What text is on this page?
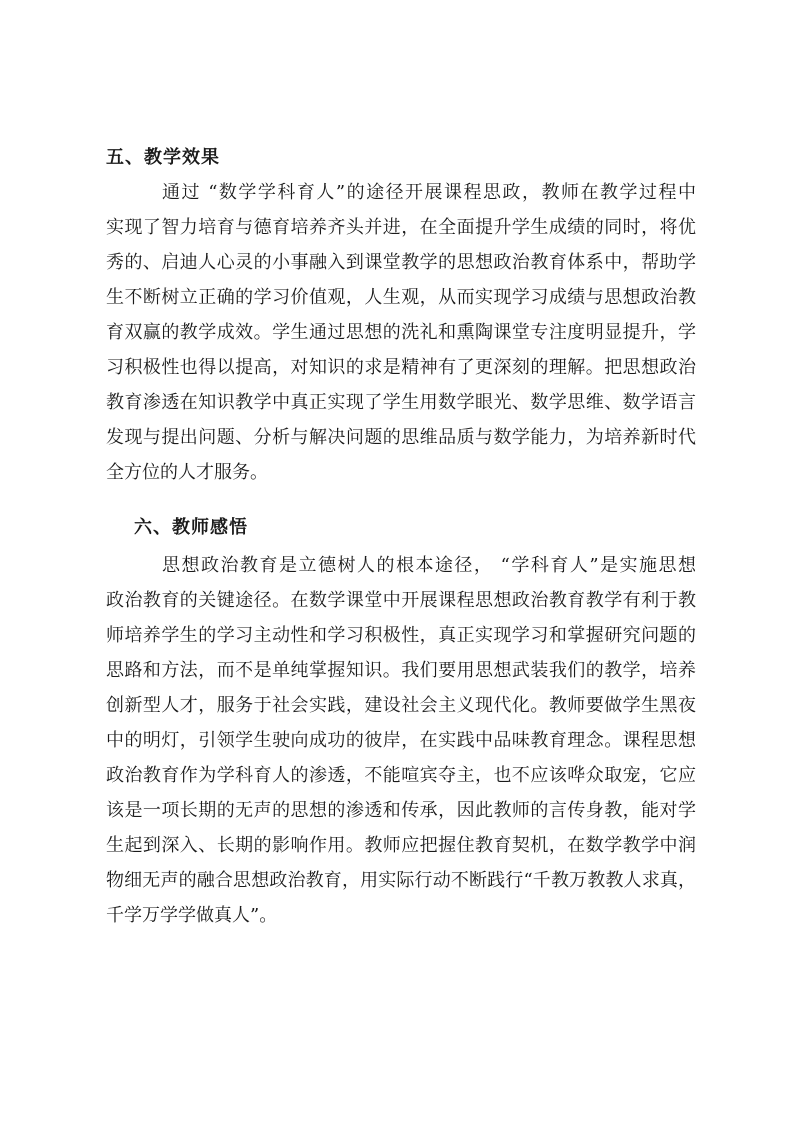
五、教学效果

通过 “数学学科育人”的途径开展课程思政，教师在教学过程中

实现了智力培育与德育培养齐头并进，在全面提升学生成绩的同时，将优

秀的、启迪人心灵的小事融入到课堂教学的思想政治教育体系中，帮助学

生不断树立正确的学习价值观，人生观，从而实现学习成绩与思想政治教

育双赢的教学成效。学生通过思想的洗礼和熏陶课堂专注度明显提升，学

习积极性也得以提高，对知识的求是精神有了更深刻的理解。把思想政治

教育渗透在知识教学中真正实现了学生用数学眼光、数学思维、数学语言

发现与提出问题、分析与解决问题的思维品质与数学能力，为培养新时代

全方位的人才服务。

六、教师感悟

思想政治教育是立德树人的根本途径， “学科育人”是实施思想

政治教育的关键途径。在数学课堂中开展课程思想政治教育教学有利于教

师培养学生的学习主动性和学习积极性，真正实现学习和掌握研究问题的

思路和方法，而不是单纯掌握知识。我们要用思想武装我们的教学，培养

创新型人才，服务于社会实践，建设社会主义现代化。教师要做学生黑夜

中的明灯，引领学生驶向成功的彼岸，在实践中品味教育理念。课程思想

政治教育作为学科育人的渗透，不能喧宾夺主，也不应该哗众取宠，它应

该是一项长期的无声的思想的渗透和传承，因此教师的言传身教，能对学

生起到深入、长期的影响作用。教师应把握住教育契机，在数学教学中润

物细无声的融合思想政治教育，用实际行动不断践行“千教万教教人求真，

千学万学学做真人”。
